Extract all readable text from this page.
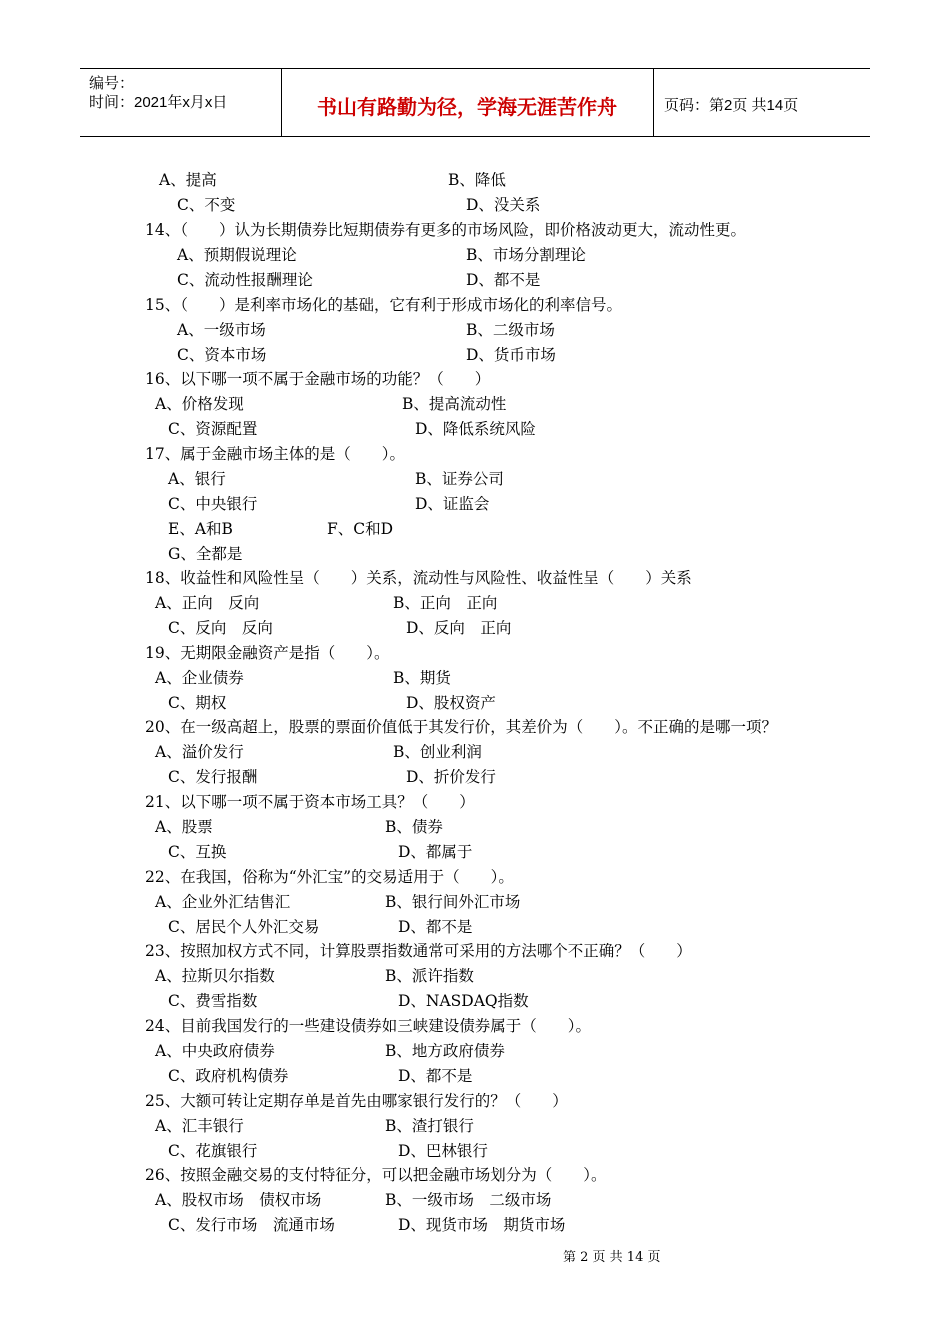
编号：
时间：2021年x月x日	书山有路勤为径，学海无涯苦作舟	页码：第2页 共14页
A、提高	B、降低
C、不变	D、没关系
14、（　　）认为长期债券比短期债券有更多的市场风险，即价格波动更大，流动性更。
A、预期假说理论	B、市场分割理论
C、流动性报酬理论	D、都不是
15、（　　）是利率市场化的基础，它有利于形成市场化的利率信号。
A、一级市场	B、二级市场
C、资本市场	D、货币市场
16、以下哪一项不属于金融市场的功能？（　　）
A、价格发现	B、提高流动性
C、资源配置	D、降低系统风险
17、属于金融市场主体的是（　　）。
A、银行	B、证券公司
C、中央银行	D、证监会
E、A和B	F、C和D
G、全都是
18、收益性和风险性呈（　　）关系，流动性与风险性、收益性呈（　　）关系
A、正向　反向	B、正向　正向
C、反向　反向	D、反向　正向
19、无期限金融资产是指（　　）。
A、企业债券	B、期货
C、期权	D、股权资产
20、在一级高超上，股票的票面价值低于其发行价，其差价为（　　）。不正确的是哪一项？
A、溢价发行	B、创业利润
C、发行报酬	D、折价发行
21、以下哪一项不属于资本市场工具？（　　）
A、股票	B、债券
C、互换	D、都属于
22、在我国，俗称为“外汇宝”的交易适用于（　　）。
A、企业外汇结售汇	B、银行间外汇市场
C、居民个人外汇交易	D、都不是
23、按照加权方式不同，计算股票指数通常可采用的方法哪个不正确？（　　）
A、拉斯贝尔指数	B、派许指数
C、费雪指数	D、NASDAQ指数
24、目前我国发行的一些建设债券如三峡建设债券属于（　　）。
A、中央政府债券	B、地方政府债券
C、政府机构债券	D、都不是
25、大额可转让定期存单是首先由哪家银行发行的？（　　）
A、汇丰银行	B、渣打银行
C、花旗银行	D、巴林银行
26、按照金融交易的支付特征分，可以把金融市场划分为（　　）。
A、股权市场　债权市场	B、一级市场　二级市场
C、发行市场　流通市场	D、现货市场　期货市场
第 2 页 共 14 页
